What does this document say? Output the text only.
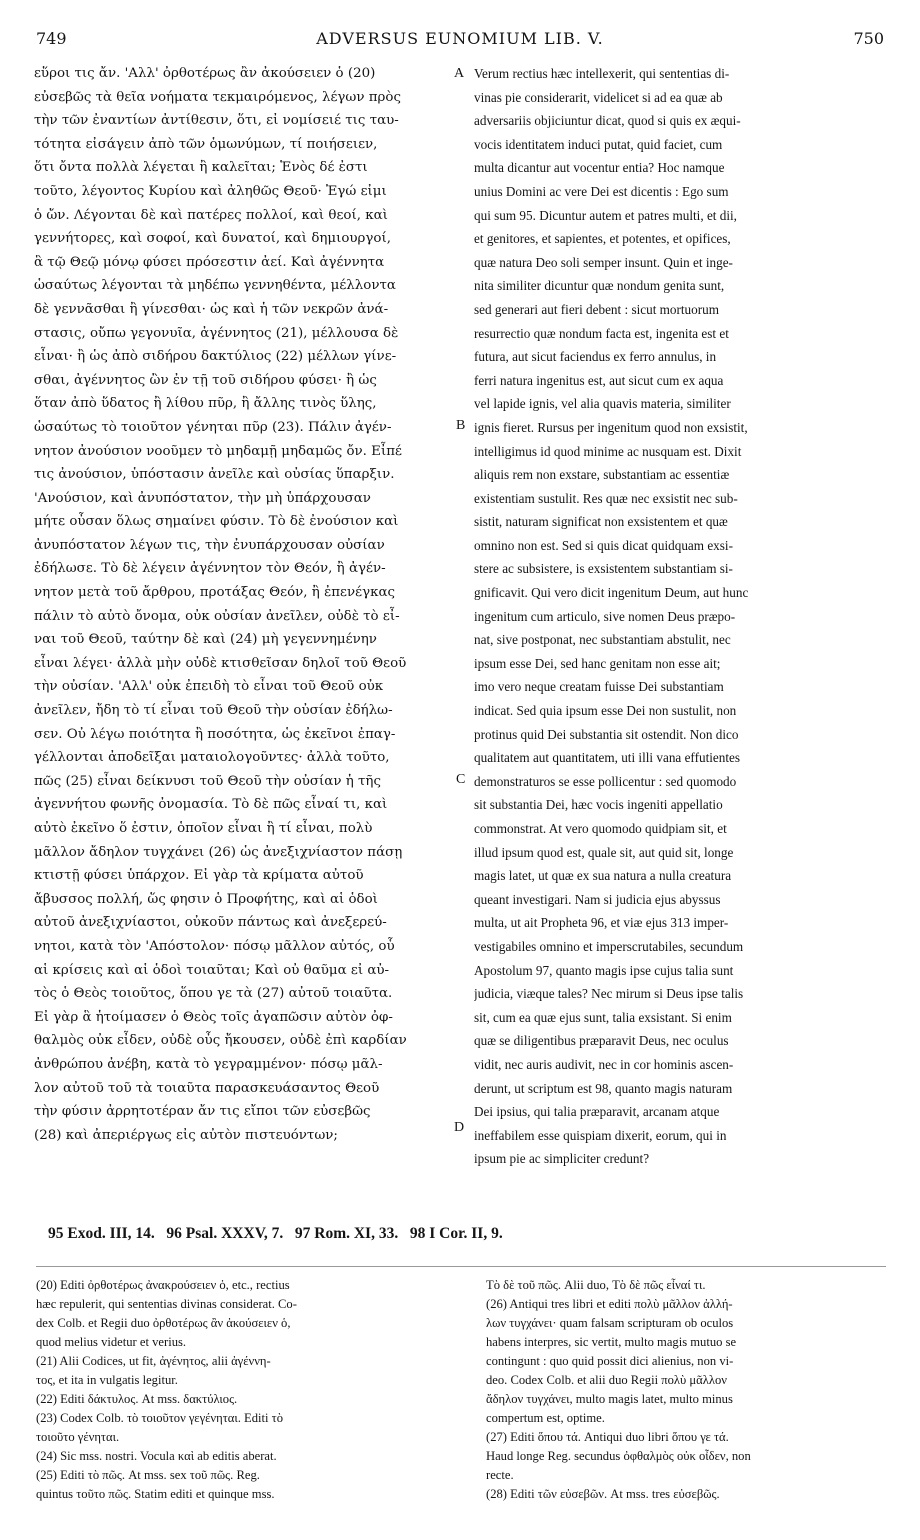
ADVERSUS EUNOMIUM LIB. V.
749	750
εὕροι τις ἄν. 'Αλλ' ὀρθοτέρως ἂν ἀκούσειεν ὁ (20)
εὐσεβῶς τὰ θεῖα νοήματα τεκμαιρόμενος, λέγων πρὸς
τὴν τῶν ἐναντίων ἀντίθεσιν, ὅτι, εἰ νομίσειέ τις ταυ-
τότητα εἰσάγειν ἀπὸ τῶν ὁμωνύμων, τί ποιήσειεν,
ὅτι ὄντα πολλὰ λέγεται ἢ καλεῖται; Ἑνὸς δέ ἐστι
τοῦτο, λέγοντος Κυρίου καὶ ἀληθῶς Θεοῦ· Ἐγώ εἰμι
ὁ ὤν. Λέγονται δὲ καὶ πατέρες πολλοί, καὶ θεοί, καὶ
γεννήτορες, καὶ σοφοί, καὶ δυνατοί, καὶ δημιουργοί,
ἃ τῷ Θεῷ μόνῳ φύσει πρόσεστιν ἀεί. Καὶ ἀγέννητα
ὡσαύτως λέγονται τὰ μηδέπω γεννηθέντα, μέλλοντα
δὲ γεννᾶσθαι ἢ γίνεσθαι· ὡς καὶ ἡ τῶν νεκρῶν ἀνά-
στασις, οὔπω γεγονυῖα, ἀγέννητος (21), μέλλουσα δὲ
εἶναι· ἢ ὡς ἀπὸ σιδήρου δακτύλιος (22) μέλλων γίνε-
σθαι, ἀγέννητος ὢν ἐν τῇ τοῦ σιδήρου φύσει· ἢ ὡς
ὅταν ἀπὸ ὕδατος ἢ λίθου πῦρ, ἢ ἄλλης τινὸς ὕλης,
ὡσαύτως τὸ τοιοῦτον γένηται πῦρ (23). Πάλιν ἀγέν-
νητον ἀνούσιον νοοῦμεν τὸ μηδαμῇ μηδαμῶς ὄν. Εἶπέ
τις ἀνούσιον, ὑπόστασιν ἀνεῖλε καὶ οὐσίας ὕπαρξιν.
'Ανούσιον, καὶ ἀνυπόστατον, τὴν μὴ ὑπάρχουσαν
μήτε οὖσαν ὅλως σημαίνει φύσιν. Τὸ δὲ ἐνούσιον καὶ
ἀνυπόστατον λέγων τις, τὴν ἐνυπάρχουσαν οὐσίαν
ἐδήλωσε. Τὸ δὲ λέγειν ἀγέννητον τὸν Θεόν, ἢ ἀγέν-
νητον μετὰ τοῦ ἄρθρου, προτάξας Θεόν, ἢ ἐπενέγκας
πάλιν τὸ αὐτὸ ὄνομα, οὐκ οὐσίαν ἀνεῖλεν, οὐδὲ τὸ εἶ-
ναι τοῦ Θεοῦ, ταύτην δὲ καὶ (24) μὴ γεγεννημένην
εἶναι λέγει· ἀλλὰ μὴν οὐδὲ κτισθεῖσαν δηλοῖ τοῦ Θεοῦ
τὴν οὐσίαν. 'Αλλ' οὐκ ἐπειδὴ τὸ εἶναι τοῦ Θεοῦ οὐκ
ἀνεῖλεν, ἤδη τὸ τί εἶναι τοῦ Θεοῦ τὴν οὐσίαν ἐδήλω-
σεν. Οὐ λέγω ποιότητα ἢ ποσότητα, ὡς ἐκεῖνοι ἐπαγ-
γέλλονται ἀποδεῖξαι ματαιολογοῦντες· ἀλλὰ τοῦτο,
πῶς (25) εἶναι δείκνυσι τοῦ Θεοῦ τὴν οὐσίαν ἡ τῆς
ἀγεννήτου φωνῆς ὀνομασία. Τὸ δὲ πῶς εἶναί τι, καὶ
αὐτὸ ἐκεῖνο ὅ ἐστιν, ὁποῖον εἶναι ἢ τί εἶναι, πολὺ
μᾶλλον ἄδηλον τυγχάνει (26) ὡς ἀνεξιχνίαστον πάσῃ
κτιστῇ φύσει ὑπάρχον. Εἰ γὰρ τὰ κρίματα αὐτοῦ
ἄβυσσος πολλή, ὥς φησιν ὁ Προφήτης, καὶ αἱ ὁδοὶ
αὐτοῦ ἀνεξιχνίαστοι, οὐκοῦν πάντως καὶ ἀνεξερεύ-
νητοι, κατὰ τὸν 'Απόστολον· πόσῳ μᾶλλον αὐτός, οὗ
αἱ κρίσεις καὶ αἱ ὁδοὶ τοιαῦται; Καὶ οὐ θαῦμα εἰ αὐ-
τὸς ὁ Θεὸς τοιοῦτος, ὅπου γε τὰ (27) αὐτοῦ τοιαῦτα.
Εἰ γὰρ ἃ ἡτοίμασεν ὁ Θεὸς τοῖς ἀγαπῶσιν αὐτὸν ὀφ-
θαλμὸς οὐκ εἶδεν, οὐδὲ οὖς ἤκουσεν, οὐδὲ ἐπὶ καρδίαν
ἀνθρώπου ἀνέβη, κατὰ τὸ γεγραμμένον· πόσῳ μᾶλ-
λον αὐτοῦ τοῦ τὰ τοιαῦτα παρασκευάσαντος Θεοῦ
τὴν φύσιν ἀρρητοτέραν ἄν τις εἴποι τῶν εὐσεβῶς
(28) καὶ ἀπεριέργως εἰς αὐτὸν πιστευόντων;
Verum rectius hæc intellexerit, qui sententias di-
vinas pie considerarit, videlicet si ad ea quæ ab
adversariis objiciuntur dicat, quod si quis ex æqui-
vocis identitatem induci putat, quid faciet, cum
multa dicantur aut vocentur entia? Hoc namque
unius Domini ac vere Dei est dicentis : Ego sum
qui sum 95. Dicuntur autem et patres multi, et dii,
et genitores, et sapientes, et potentes, et opifices,
quæ natura Deo soli semper insunt. Quin et inge-
nita similiter dicuntur quæ nondum genita sunt,
sed generari aut fieri debent : sicut mortuorum
resurrectio quæ nondum facta est, ingenita est et
futura, aut sicut faciendus ex ferro annulus, in
ferri natura ingenitus est, aut sicut cum ex aqua
vel lapide ignis, vel alia quavis materia, similiter
ignis fieret. Rursus per ingenitum quod non exsistit,
intelligimus id quod minime ac nusquam est. Dixit
aliquis rem non exstare, substantiam ac essentiæ
existentiam sustulit. Res quæ nec exsistit nec sub-
sistit, naturam significat non exsistentem et quæ
omnino non est. Sed si quis dicat quidquam exsi-
stere ac subsistere, is exsistentem substantiam si-
gnificavit. Qui vero dicit ingenitum Deum, aut hunc
ingenitum cum articulo, sive nomen Deus præpo-
nat, sive postponat, nec substantiam abstulit, nec
ipsum esse Dei, sed hanc genitam non esse ait;
imo vero neque creatam fuisse Dei substantiam
indicat. Sed quia ipsum esse Dei non sustulit, non
protinus quid Dei substantia sit ostendit. Non dico
qualitatem aut quantitatem, uti illi vana effutientes
demonstraturos se esse pollicentur : sed quomodo
sit substantia Dei, hæc vocis ingeniti appellatio
commonstrat. At vero quomodo quidpiam sit, et
illud ipsum quod est, quale sit, aut quid sit, longe
magis latet, ut quæ ex sua natura a nulla creatura
queant investigari. Nam si judicia ejus abyssus
multa, ut ait Propheta 96, et viæ ejus 313 imper-
vestigabiles omnino et imperscrutabiles, secundum
Apostolum 97, quanto magis ipse cujus talia sunt
judicia, viæque tales? Nec mirum si Deus ipse talis
sit, cum ea quæ ejus sunt, talia exsistant. Si enim
quæ se diligentibus præparavit Deus, nec oculus
vidit, nec auris audivit, nec in cor hominis ascen-
derunt, ut scriptum est 98, quanto magis naturam
Dei ipsius, qui talia præparavit, arcanam atque
ineffabilem esse quispiam dixerit, eorum, qui in
ipsum pie ac simpliciter credunt?
A
B
C
D
95 Exod. III, 14.   96 Psal. XXXV, 7.   97 Rom. XI, 33.   98 I Cor. II, 9.
(20) Editi ὀρθοτέρως ἀνακρούσειεν ὁ, etc., rectius
hæc repulerit, qui sententias divinas considerat. Co-
dex Colb. et Regii duo ὀρθοτέρως ἂν ἀκούσειεν ὁ,
quod melius videtur et verius.
(21) Alii Codices, ut fit, ἀγένητος, alii ἀγέννη-
τος, et ita in vulgatis legitur.
(22) Editi δάκτυλος. At mss. δακτύλιος.
(23) Codex Colb. τὸ τοιοῦτον γεγένηται. Editi τὸ
τοιοῦτο γένηται.
(24) Sic mss. nostri. Vocula καὶ ab editis aberat.
(25) Editi τὸ πῶς. At mss. sex τοῦ πῶς. Reg.
quintus τοῦτο πῶς. Statim editi et quinque mss.
Τὸ δὲ τοῦ πῶς. Alii duo, Τὸ δὲ πῶς εἶναί τι.
(26) Antiqui tres libri et editi πολὺ μᾶλλον ἀλλή-
λων τυγχάνει· quam falsam scripturam ob oculos
habens interpres, sic vertit, multo magis mutuo se
contingunt : quo quid possit dici alienius, non vi-
deo. Codex Colb. et alii duo Regii πολὺ μᾶλλον
ἄδηλον τυγχάνει, multo magis latet, multo minus
compertum est, optime.
(27) Editi ὅπου τά. Antiqui duo libri ὅπου γε τά.
Haud longe Reg. secundus ὀφθαλμὸς οὐκ οἶδεν, non
recte.
(28) Editi τῶν εὐσεβῶν. At mss. tres εὐσεβῶς.
